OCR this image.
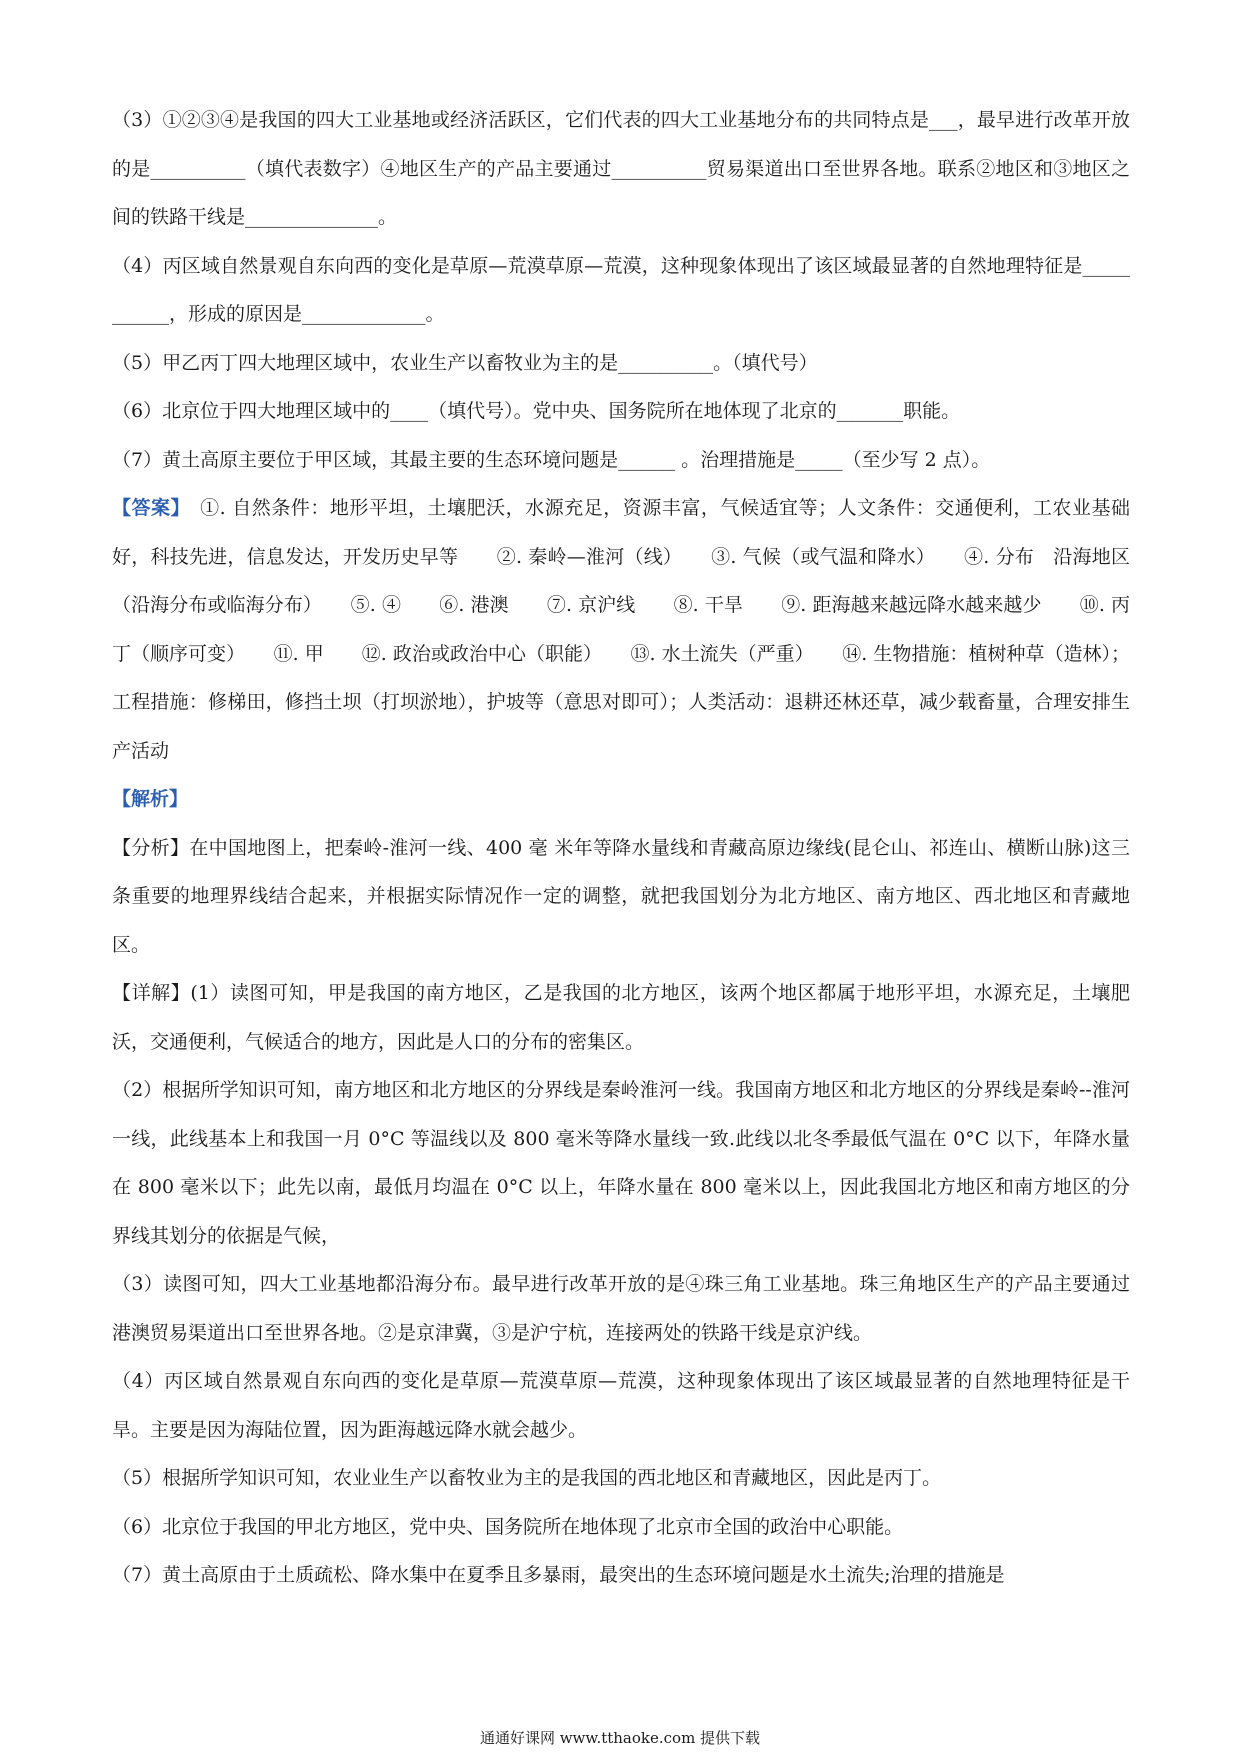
（3）①②③④是我国的四大工业基地或经济活跃区，它们代表的四大工业基地分布的共同特点是___，最早进行改革开放的是__________（填代表数字）④地区生产的产品主要通过__________贸易渠道出口至世界各地。联系②地区和③地区之间的铁路干线是______________。

（4）丙区域自然景观自东向西的变化是草原—荒漠草原—荒漠，这种现象体现出了该区域最显著的自然地理特征是___________，形成的原因是_____________。

（5）甲乙丙丁四大地理区域中，农业生产以畜牧业为主的是__________。（填代号）

（6）北京位于四大地理区域中的____（填代号）。党中央、国务院所在地体现了北京的_______职能。

（7）黄土高原主要位于甲区域，其最主要的生态环境问题是______ 。治理措施是_____（至少写 2 点）。

【答案】　①. 自然条件：地形平坦，土壤肥沃，水源充足，资源丰富，气候适宜等；人文条件：交通便利，工农业基础好，科技先进，信息发达，开发历史早等　　②. 秦岭—淮河（线）　　③. 气候（或气温和降水）　　④. 分布　沿海地区（沿海分布或临海分布）　　⑤. ④　　⑥. 港澳　　⑦. 京沪线　　⑧. 干旱　　⑨. 距海越来越远降水越来越少　　⑩. 丙丁（顺序可变）　　⑪. 甲　　⑫. 政治或政治中心（职能）　　⑬. 水土流失（严重）　　⑭. 生物措施：植树种草（造林）；工程措施：修梯田，修挡土坝（打坝淤地），护坡等（意思对即可）；人类活动：退耕还林还草，减少载畜量，合理安排生产活动

【解析】

【分析】在中国地图上，把秦岭-淮河一线、400 毫 米年等降水量线和青藏高原边缘线(昆仑山、祁连山、横断山脉)这三条重要的地理界线结合起来，并根据实际情况作一定的调整，就把我国划分为北方地区、南方地区、西北地区和青藏地区。

【详解】(1）读图可知，甲是我国的南方地区，乙是我国的北方地区，该两个地区都属于地形平坦，水源充足，土壤肥沃，交通便利，气候适合的地方，因此是人口的分布的密集区。

（2）根据所学知识可知，南方地区和北方地区的分界线是秦岭淮河一线。我国南方地区和北方地区的分界线是秦岭--淮河一线，此线基本上和我国一月 0°C 等温线以及 800 毫米等降水量线一致.此线以北冬季最低气温在 0°C 以下，年降水量在 800 毫米以下；此先以南，最低月均温在 0°C 以上，年降水量在 800 毫米以上，因此我国北方地区和南方地区的分界线其划分的依据是气候，

（3）读图可知，四大工业基地都沿海分布。最早进行改革开放的是④珠三角工业基地。珠三角地区生产的产品主要通过港澳贸易渠道出口至世界各地。②是京津冀，③是沪宁杭，连接两处的铁路干线是京沪线。

（4）丙区域自然景观自东向西的变化是草原—荒漠草原—荒漠，这种现象体现出了该区域最显著的自然地理特征是干旱。主要是因为海陆位置，因为距海越远降水就会越少。

（5）根据所学知识可知，农业业生产以畜牧业为主的是我国的西北地区和青藏地区，因此是丙丁。

（6）北京位于我国的甲北方地区，党中央、国务院所在地体现了北京市全国的政治中心职能。

（7）黄土高原由于土质疏松、降水集中在夏季且多暴雨，最突出的生态环境问题是水土流失;治理的措施是

通通好课网 www.tthaoke.com 提供下载
